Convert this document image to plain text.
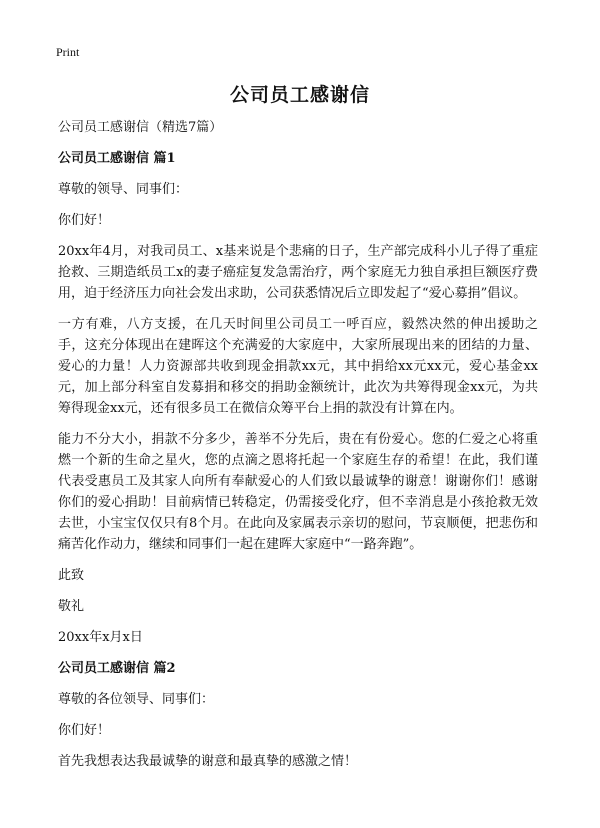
Print
公司员工感谢信

公司员工感谢信（精选7篇）

公司员工感谢信 篇1

尊敬的领导、同事们：

你们好！

20xx年4月，对我司员工、x基来说是个悲痛的日子，生产部完成科小儿子得了重症抢救、三期造纸员工x的妻子癌症复发急需治疗，两个家庭无力独自承担巨额医疗费用，迫于经济压力向社会发出求助，公司获悉情况后立即发起了“爱心募捐”倡议。

一方有难，八方支援，在几天时间里公司员工一呼百应，毅然决然的伸出援助之手，这充分体现出在建晖这个充满爱的大家庭中，大家所展现出来的团结的力量、爱心的力量！人力资源部共收到现金捐款xx元，其中捐给xx元xx元，爱心基金xx元，加上部分科室自发募捐和移交的捐助金额统计，此次为共筹得现金xx元，为共筹得现金xx元，还有很多员工在微信众筹平台上捐的款没有计算在内。

能力不分大小，捐款不分多少，善举不分先后，贵在有份爱心。您的仁爱之心将重燃一个新的生命之星火，您的点滴之恩将托起一个家庭生存的希望！在此，我们谨代表受惠员工及其家人向所有奉献爱心的人们致以最诚挚的谢意！谢谢你们！感谢你们的爱心捐助！目前病情已转稳定，仍需接受化疗，但不幸消息是小孩抢救无效去世，小宝宝仅仅只有8个月。在此向及家属表示亲切的慰问，节哀顺便，把悲伤和痛苦化作动力，继续和同事们一起在建晖大家庭中“一路奔跑”。

此致

敬礼

20xx年x月x日

公司员工感谢信 篇2

尊敬的各位领导、同事们：

你们好！

首先我想表达我最诚挚的谢意和最真挚的感激之情！
